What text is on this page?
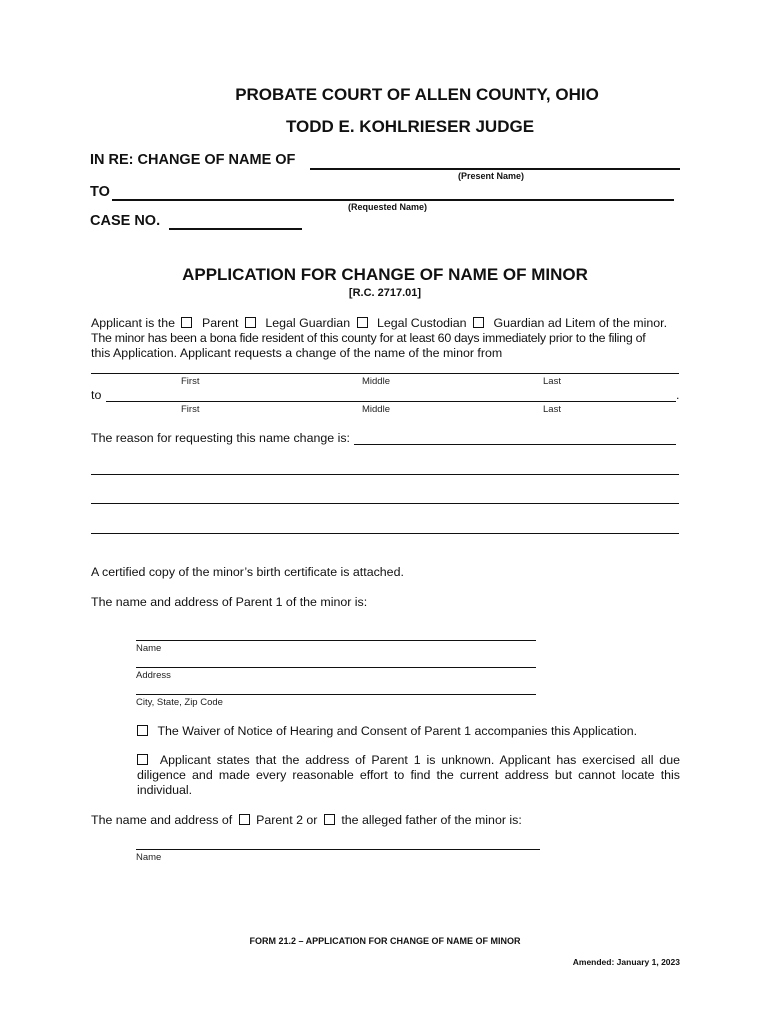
PROBATE COURT OF ALLEN COUNTY, OHIO
TODD E. KOHLRIESER JUDGE
IN RE: CHANGE OF NAME OF
(Present Name)
TO
(Requested Name)
CASE NO.
APPLICATION FOR CHANGE OF NAME OF MINOR
[R.C. 2717.01]
Applicant is the Parent Legal Guardian Legal Custodian Guardian ad Litem of the minor.
The minor has been a bona fide resident of this county for at least 60 days immediately prior to the filing of
this Application. Applicant requests a change of the name of the minor from
First	Middle	Last
to	.
First	Middle	Last
The reason for requesting this name change is:
A certified copy of the minor’s birth certificate is attached.
The name and address of Parent 1 of the minor is:
Name
Address
City, State, Zip Code
The Waiver of Notice of Hearing and Consent of Parent 1 accompanies this Application.
Applicant states that the address of Parent 1 is unknown. Applicant has exercised all due
diligence and made every reasonable effort to find the current address but cannot locate this
individual.
The name and address of Parent 2 or the alleged father of the minor is:
Name
FORM 21.2 – APPLICATION FOR CHANGE OF NAME OF MINOR
Amended: January 1, 2023
